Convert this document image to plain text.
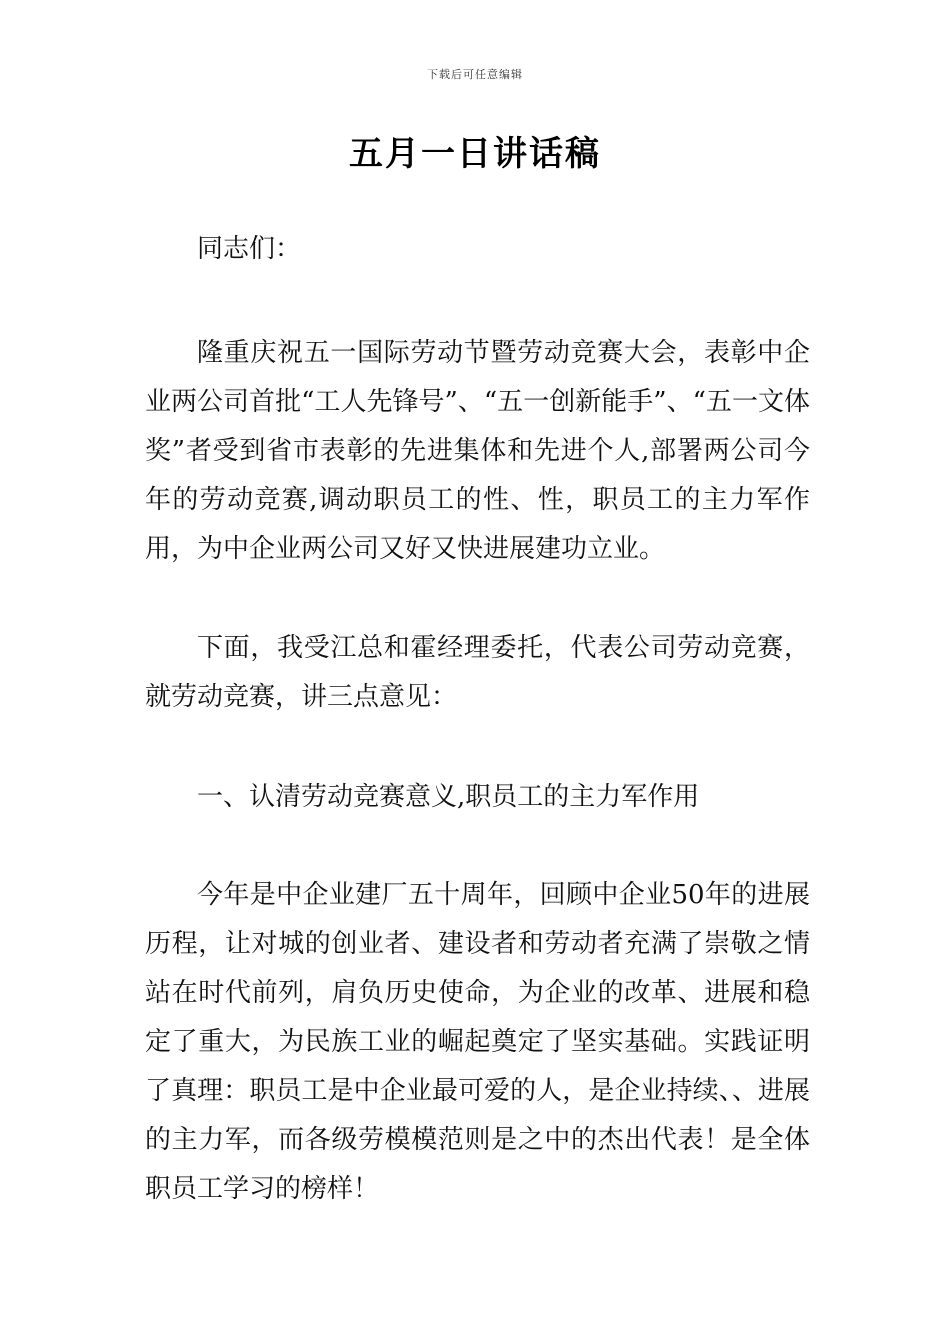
下载后可任意编辑
五月一日讲话稿

同志们：

隆重庆祝五一国际劳动节暨劳动竞赛大会，表彰中企业两公司首批“工人先锋号”、“五一创新能手”、“五一文体奖”者受到省市表彰的先进集体和先进个人,部署两公司今年的劳动竞赛,调动职员工的性、性，职员工的主力军作用，为中企业两公司又好又快进展建功立业。

下面，我受江总和霍经理委托，代表公司劳动竞赛，就劳动竞赛，讲三点意见：

一、认清劳动竞赛意义,职员工的主力军作用

今年是中企业建厂五十周年，回顾中企业50年的进展历程，让对城的创业者、建设者和劳动者充满了崇敬之情站在时代前列，肩负历史使命，为企业的改革、进展和稳定了重大，为民族工业的崛起奠定了坚实基础。实践证明了真理：职员工是中企业最可爱的人，是企业持续、、进展的主力军，而各级劳模模范则是之中的杰出代表！是全体职员工学习的榜样！
